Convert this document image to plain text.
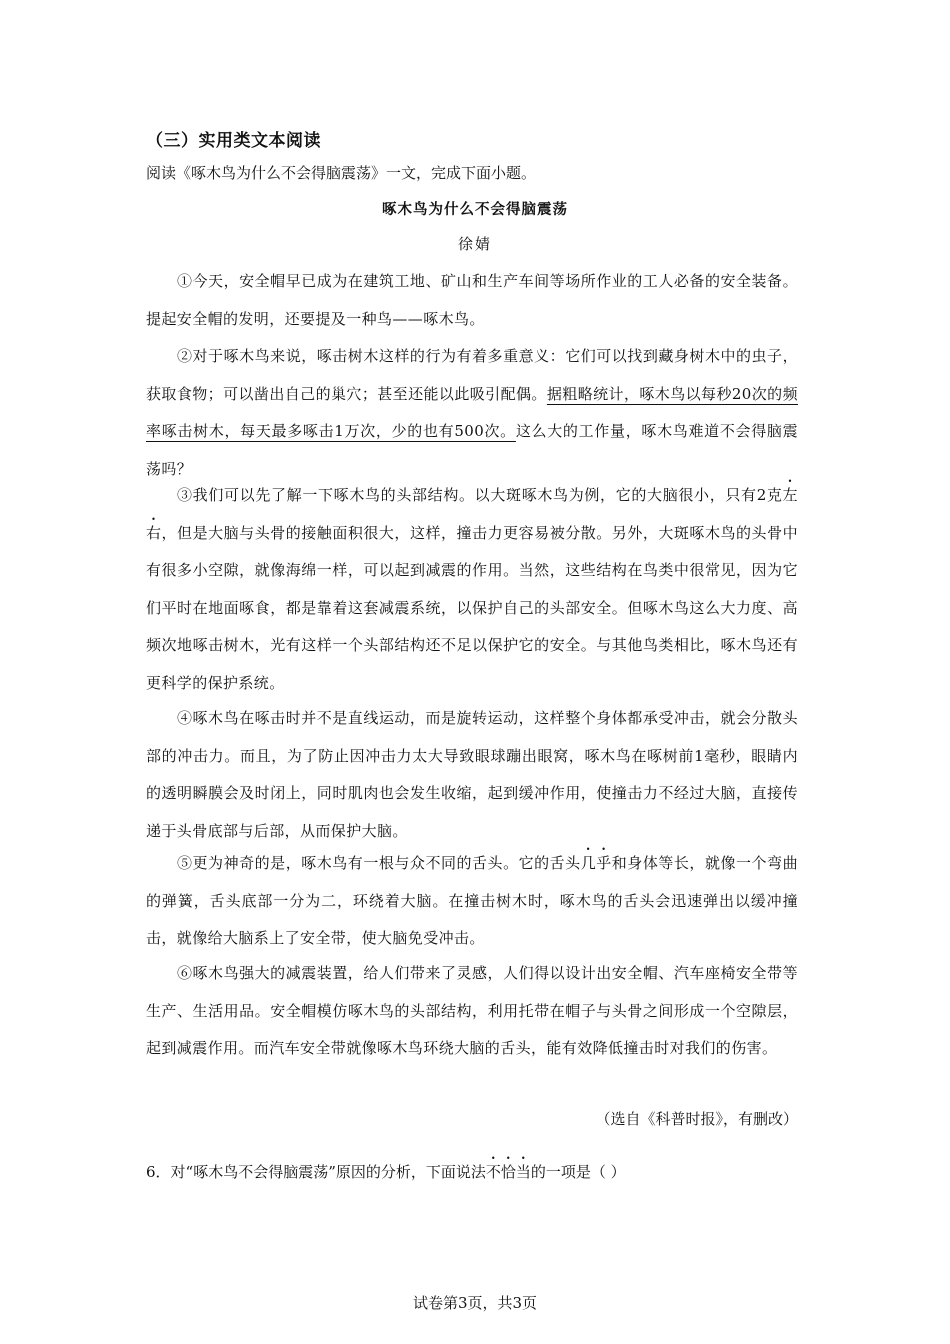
（三）实用类文本阅读
阅读《啄木鸟为什么不会得脑震荡》一文，完成下面小题。
啄木鸟为什么不会得脑震荡
徐婧

①今天，安全帽早已成为在建筑工地、矿山和生产车间等场所作业的工人必备的安全装备。提起安全帽的发明，还要提及一种鸟——啄木鸟。

②对于啄木鸟来说，啄击树木这样的行为有着多重意义：它们可以找到藏身树木中的虫子，获取食物；可以凿出自己的巢穴；甚至还能以此吸引配偶。据粗略统计，啄木鸟以每秒20次的频率啄击树木，每天最多啄击1万次，少的也有500次。这么大的工作量，啄木鸟难道不会得脑震荡吗？

③我们可以先了解一下啄木鸟的头部结构。以大斑啄木鸟为例，它的大脑很小，只有2克左右，但是大脑与头骨的接触面积很大，这样，撞击力更容易被分散。另外，大斑啄木鸟的头骨中有很多小空隙，就像海绵一样，可以起到减震的作用。当然，这些结构在鸟类中很常见，因为它们平时在地面啄食，都是靠着这套减震系统，以保护自己的头部安全。但啄木鸟这么大力度、高频次地啄击树木，光有这样一个头部结构还不足以保护它的安全。与其他鸟类相比，啄木鸟还有更科学的保护系统。

④啄木鸟在啄击时并不是直线运动，而是旋转运动，这样整个身体都承受冲击，就会分散头部的冲击力。而且，为了防止因冲击力太大导致眼球蹦出眼窝，啄木鸟在啄树前1毫秒，眼睛内的透明瞬膜会及时闭上，同时肌肉也会发生收缩，起到缓冲作用，使撞击力不经过大脑，直接传递于头骨底部与后部，从而保护大脑。

⑤更为神奇的是，啄木鸟有一根与众不同的舌头。它的舌头几乎和身体等长，就像一个弯曲的弹簧，舌头底部一分为二，环绕着大脑。在撞击树木时，啄木鸟的舌头会迅速弹出以缓冲撞击，就像给大脑系上了安全带，使大脑免受冲击。

⑥啄木鸟强大的减震装置，给人们带来了灵感，人们得以设计出安全帽、汽车座椅安全带等生产、生活用品。安全帽模仿啄木鸟的头部结构，利用托带在帽子与头骨之间形成一个空隙层，起到减震作用。而汽车安全带就像啄木鸟环绕大脑的舌头，能有效降低撞击时对我们的伤害。

（选自《科普时报》，有删改）
6．对“啄木鸟不会得脑震荡”原因的分析，下面说法不恰当的一项是（ ）
试卷第3页，共3页
